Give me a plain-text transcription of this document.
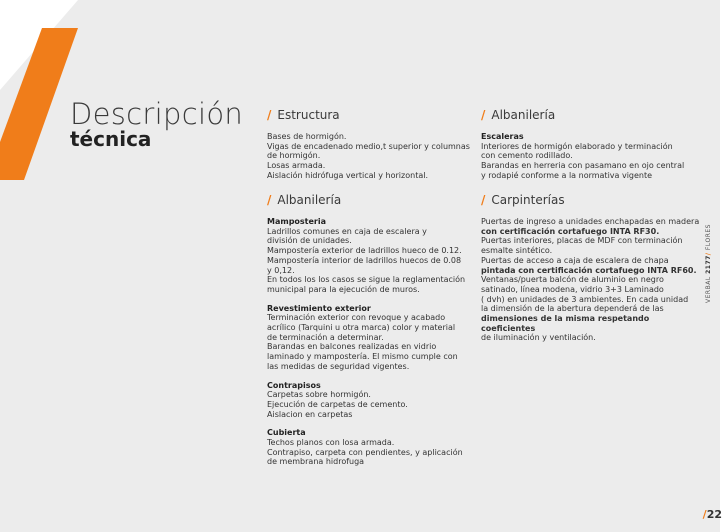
Descripción
técnica
/ Estructura

Bases de hormigón.

Vigas de encadenado medio,t superior y columnas

de hormigón.

Losas armada.

Aislación hidrófuga vertical y horizontal.

/ Albanilería

Mamposteria

Ladrillos comunes en caja de escalera y

división de unidades.

Mampostería exterior de ladrillos hueco de 0.12.

Mampostería interior de ladrillos huecos de 0.08

y 0,12.

En todos los los casos se sigue la reglamentación

municipal para la ejecución de muros.

Revestimiento exterior

Terminación exterior con revoque y acabado

acrílico (Tarquini u otra marca) color y material

de terminación a determinar.

Barandas en balcones realizadas en vidrio

laminado y mampostería. El mismo cumple con

las medidas de seguridad vigentes.

Contrapisos

Carpetas sobre hormigón.

Ejecución de carpetas de cemento.

Aislacion en carpetas

Cubierta

Techos planos con losa armada.

Contrapiso, carpeta con pendientes, y aplicación

de membrana hidrofuga

/ Albanilería

Escaleras

Interiores de hormigón elaborado y terminación

con cemento rodillado.

Barandas en herreria con pasamano en ojo central

y rodapié conforme a la normativa vigente

/ Carpinterías

Puertas de ingreso a unidades enchapadas en madera

con certificación cortafuego INTA RF30.

Puertas interiores, placas de MDF con terminación

esmalte sintético.

Puertas de acceso a caja de escalera de chapa

pintada con certificación cortafuego INTA RF60.

Ventanas/puerta balcón de aluminio en negro

satinado, línea modena, vidrio 3+3 Laminado

( dvh) en unidades de 3 ambientes. En cada unidad

la dimensión de la abertura dependerá de las

dimensiones de la misma respetando coeficientes

de iluminación y ventilación.

VERBAL 2177/ FLORES
/22
